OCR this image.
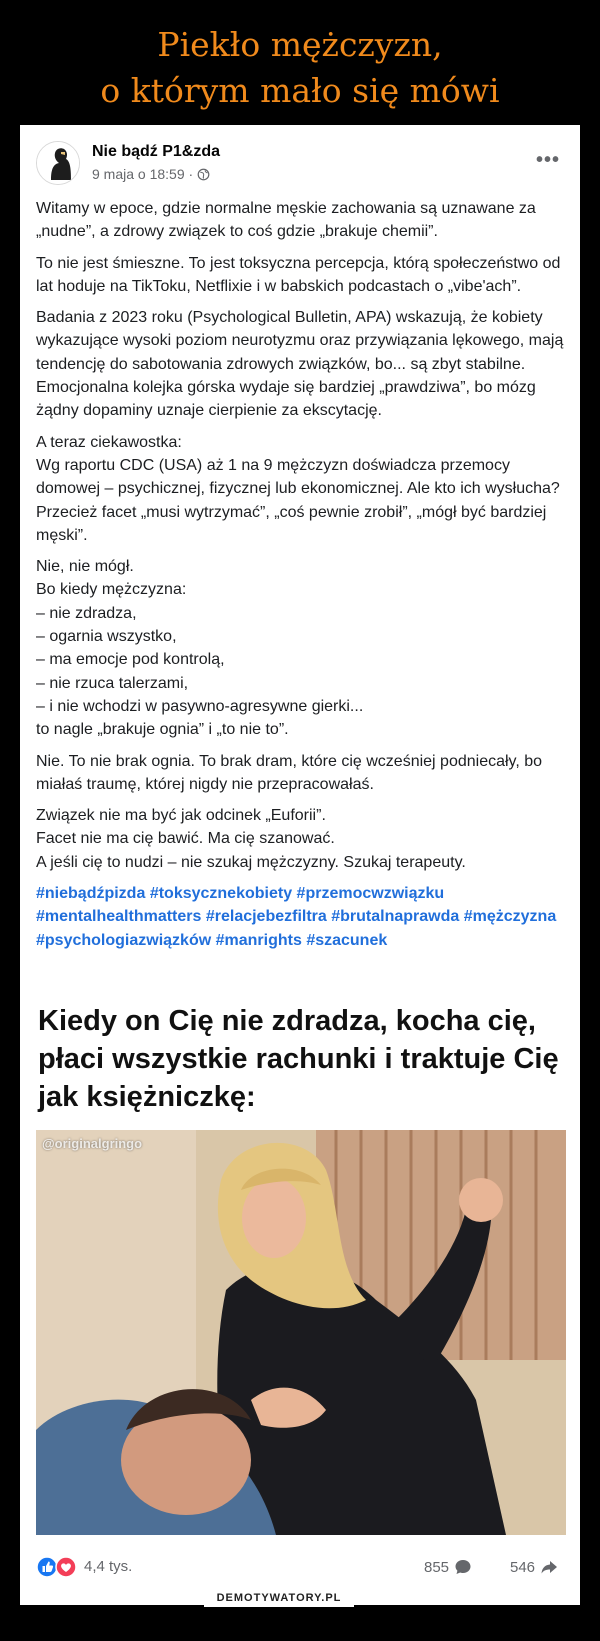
Piekło mężczyzn,
o którym mało się mówi
Nie bądź P1&zda
9 maja o 18:59 ·
•••

Witamy w epoce, gdzie normalne męskie zachowania są uznawane za „nudne”, a zdrowy związek to coś gdzie „brakuje chemii”.

To nie jest śmieszne. To jest toksyczna percepcja, którą społeczeństwo od lat hoduje na TikToku, Netflixie i w babskich podcastach o „vibe'ach”.

Badania z 2023 roku (Psychological Bulletin, APA) wskazują, że kobiety wykazujące wysoki poziom neurotyzmu oraz przywiązania lękowego, mają tendencję do sabotowania zdrowych związków, bo... są zbyt stabilne. Emocjonalna kolejka górska wydaje się bardziej „prawdziwa”, bo mózg żądny dopaminy uznaje cierpienie za ekscytację.

A teraz ciekawostka:
Wg raportu CDC (USA) aż 1 na 9 mężczyzn doświadcza przemocy domowej – psychicznej, fizycznej lub ekonomicznej. Ale kto ich wysłucha? Przecież facet „musi wytrzymać”, „coś pewnie zrobił”, „mógł być bardziej męski”.

Nie, nie mógł.
Bo kiedy mężczyzna:
– nie zdradza,
– ogarnia wszystko,
– ma emocje pod kontrolą,
– nie rzuca talerzami,
– i nie wchodzi w pasywno-agresywne gierki...
to nagle „brakuje ognia” i „to nie to”.

Nie. To nie brak ognia. To brak dram, które cię wcześniej podniecały, bo miałaś traumę, której nigdy nie przepracowałaś.

Związek nie ma być jak odcinek „Euforii”.
Facet nie ma cię bawić. Ma cię szanować.
A jeśli cię to nudzi – nie szukaj mężczyzny. Szukaj terapeuty.

#niebądźpizda #toksycznekobiety #przemocwzwiązku #mentalhealthmatters #relacjebezfiltra #brutalnaprawda #mężczyzna #psychologiazwiązków #manrights #szacunek
Kiedy on Cię nie zdradza, kocha cię, płaci wszystkie rachunki i traktuje Cię jak księżniczkę:
@originalgringo
4,4 tys.	855	546
DEMOTYWATORY.PL
